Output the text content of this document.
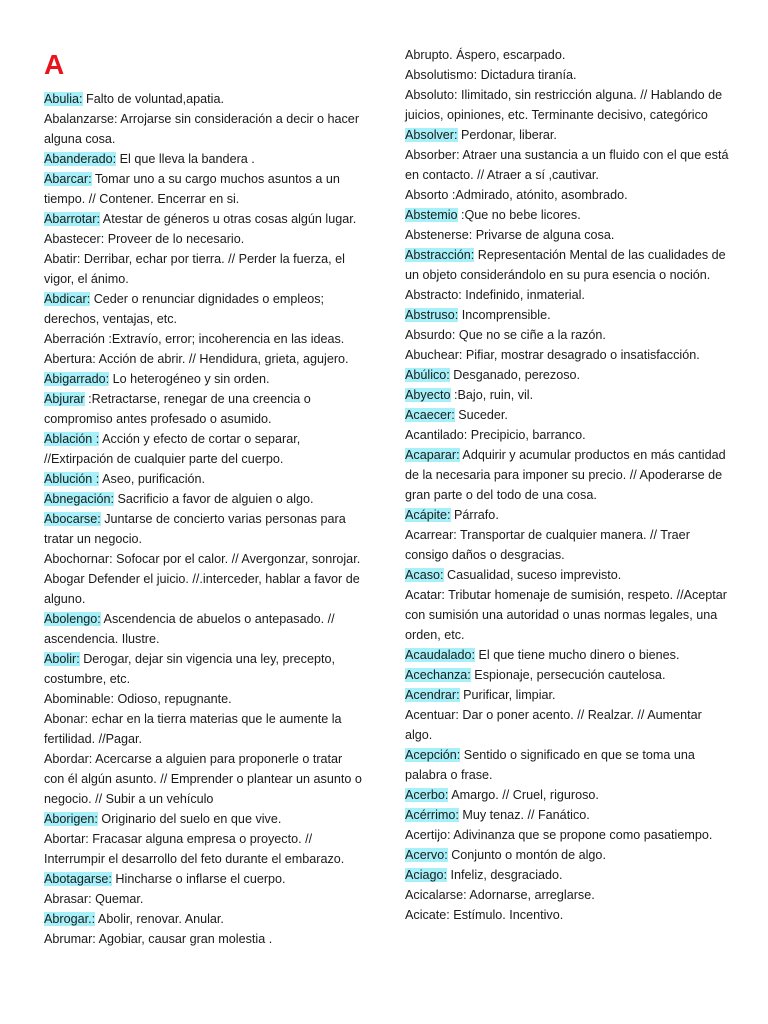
A

Abulia: Falto de voluntad,apatia.

Abalanzarse: Arrojarse sin consideración a decir o hacer alguna cosa.

Abanderado: El que lleva la bandera .

Abarcar: Tomar uno a su cargo muchos asuntos a un tiempo. // Contener. Encerrar en si.

Abarrotar: Atestar de géneros u otras cosas algún lugar.

Abastecer: Proveer de lo necesario.

Abatir: Derribar, echar por tierra. // Perder la fuerza, el vigor, el ánimo.

Abdicar: Ceder o renunciar dignidades o empleos; derechos, ventajas, etc.

Aberración :Extravío, error; incoherencia en las ideas.

Abertura: Acción de abrir. // Hendidura, grieta, agujero.

Abigarrado: Lo heterogéneo y sin orden.

Abjurar :Retractarse, renegar de una creencia o compromiso antes profesado o asumido.

Ablación : Acción y efecto de cortar o separar, //Extirpación de cualquier parte del cuerpo.

Ablución : Aseo, purificación.

Abnegación: Sacrificio a favor de alguien o algo.

Abocarse: Juntarse de concierto varias personas para tratar un negocio.

Abochornar: Sofocar por el calor. // Avergonzar, sonrojar.

Abogar Defender el juicio. //.interceder, hablar a favor de alguno.

Abolengo: Ascendencia de abuelos o antepasado. // ascendencia. Ilustre.

Abolir: Derogar, dejar sin vigencia una ley, precepto, costumbre, etc.

Abominable: Odioso, repugnante.

Abonar: echar en la tierra materias que le aumente la fertilidad. //Pagar.

Abordar: Acercarse a alguien para proponerle o tratar con él algún asunto. // Emprender o plantear un asunto o negocio. // Subir a un vehículo

Aborigen: Originario del suelo en que vive.

Abortar: Fracasar alguna empresa o proyecto. // Interrumpir el desarrollo del feto durante el embarazo.

Abotagarse: Hincharse o inflarse el cuerpo.

Abrasar: Quemar.

Abrogar.: Abolir, renovar. Anular.

Abrumar: Agobiar, causar gran molestia .

Abrupto. Áspero, escarpado.

Absolutismo: Dictadura tiranía.

Absoluto: Ilimitado, sin restricción alguna. // Hablando de juicios, opiniones, etc. Terminante decisivo, categórico

Absolver: Perdonar, liberar.

Absorber: Atraer una sustancia a un fluido con el que está en contacto. // Atraer a sí ,cautivar.

Absorto :Admirado, atónito, asombrado.

Abstemio :Que no bebe licores.

Abstenerse: Privarse de alguna cosa.

Abstracción: Representación Mental de las cualidades de un objeto considerándolo en su pura esencia o noción.

Abstracto: Indefinido, inmaterial.

Abstruso: Incomprensible.

Absurdo: Que no se ciñe a la razón.

Abuchear: Pifiar, mostrar desagrado o insatisfacción.

Abúlico: Desganado, perezoso.

Abyecto :Bajo, ruin, vil.

Acaecer: Suceder.

Acantilado: Precipicio, barranco.

Acaparar: Adquirir y acumular productos en más cantidad de la necesaria para imponer su precio. // Apoderarse de gran parte o del todo de una cosa.

Acápite: Párrafo.

Acarrear: Transportar de cualquier manera. // Traer consigo daños o desgracias.

Acaso: Casualidad, suceso imprevisto.

Acatar: Tributar homenaje de sumisión, respeto. //Aceptar con sumisión una autoridad o unas normas legales, una orden, etc.

Acaudalado: El que tiene mucho dinero o bienes.

Acechanza: Espionaje, persecución cautelosa.

Acendrar: Purificar, limpiar.

Acentuar: Dar o poner acento. // Realzar. // Aumentar algo.

Acepción: Sentido o significado en que se toma una palabra o frase.

Acerbo: Amargo. // Cruel, riguroso.

Acérrimo: Muy tenaz. // Fanático.

Acertijo: Adivinanza que se propone como pasatiempo.

Acervo: Conjunto o montón de algo.

Aciago: Infeliz, desgraciado.

Acicalarse: Adornarse, arreglarse.

Acicate: Estímulo. Incentivo.
